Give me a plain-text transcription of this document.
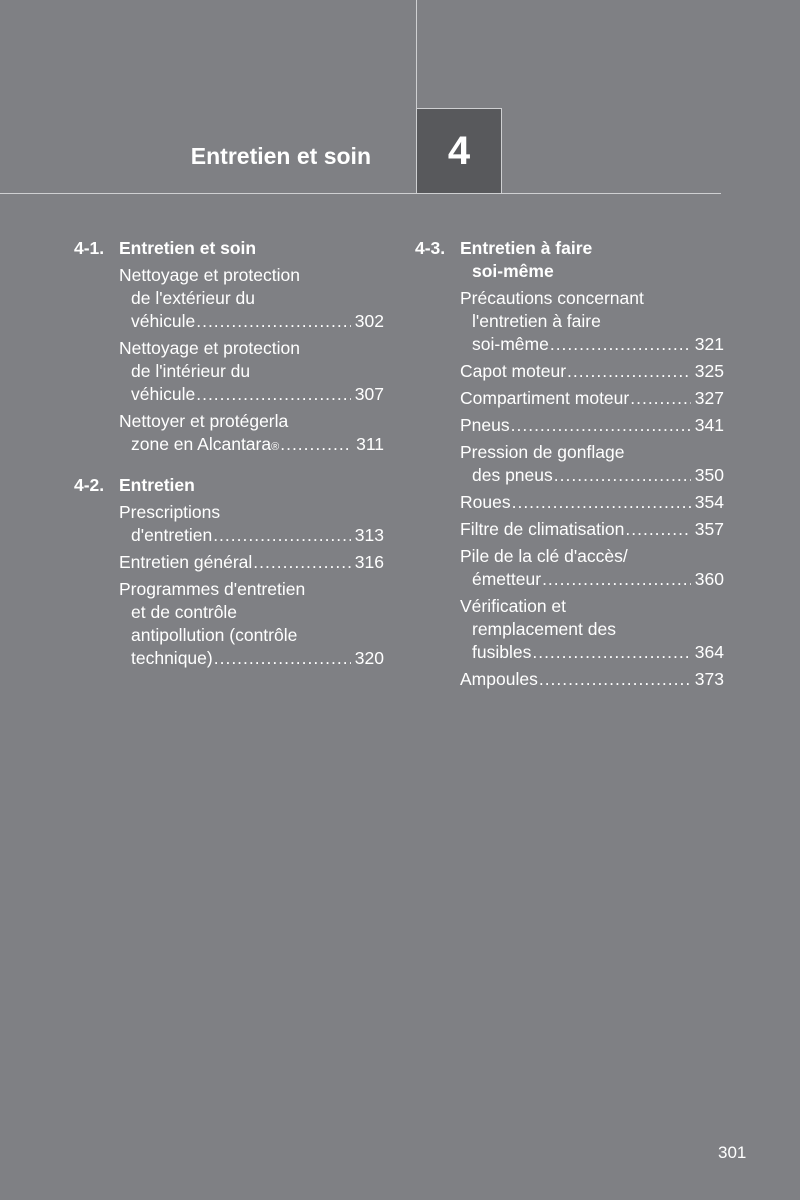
Entretien et soin	4
4-1. Entretien et soin
Nettoyage et protection
de l'extérieur du
véhicule .....	302
Nettoyage et protection
de l'intérieur du
véhicule .....	307
Nettoyer et protégerla
zone en Alcantara ® .....	311
4-2. Entretien
Prescriptions
d'entretien .....	313
Entretien général .....	316
Programmes d'entretien
et de contrôle
antipollution (contrôle
technique) .....	320
4-3. Entretien à faire
soi-même
Précautions concernant
l'entretien à faire
soi-même .....	321
Capot moteur .....	325
Compartiment moteur .....	327
Pneus .....	341
Pression de gonflage
des pneus .....	350
Roues .....	354
Filtre de climatisation .....	357
Pile de la clé d'accès/
émetteur .....	360
Vérification et
remplacement des
fusibles .....	364
Ampoules .....	373
301
